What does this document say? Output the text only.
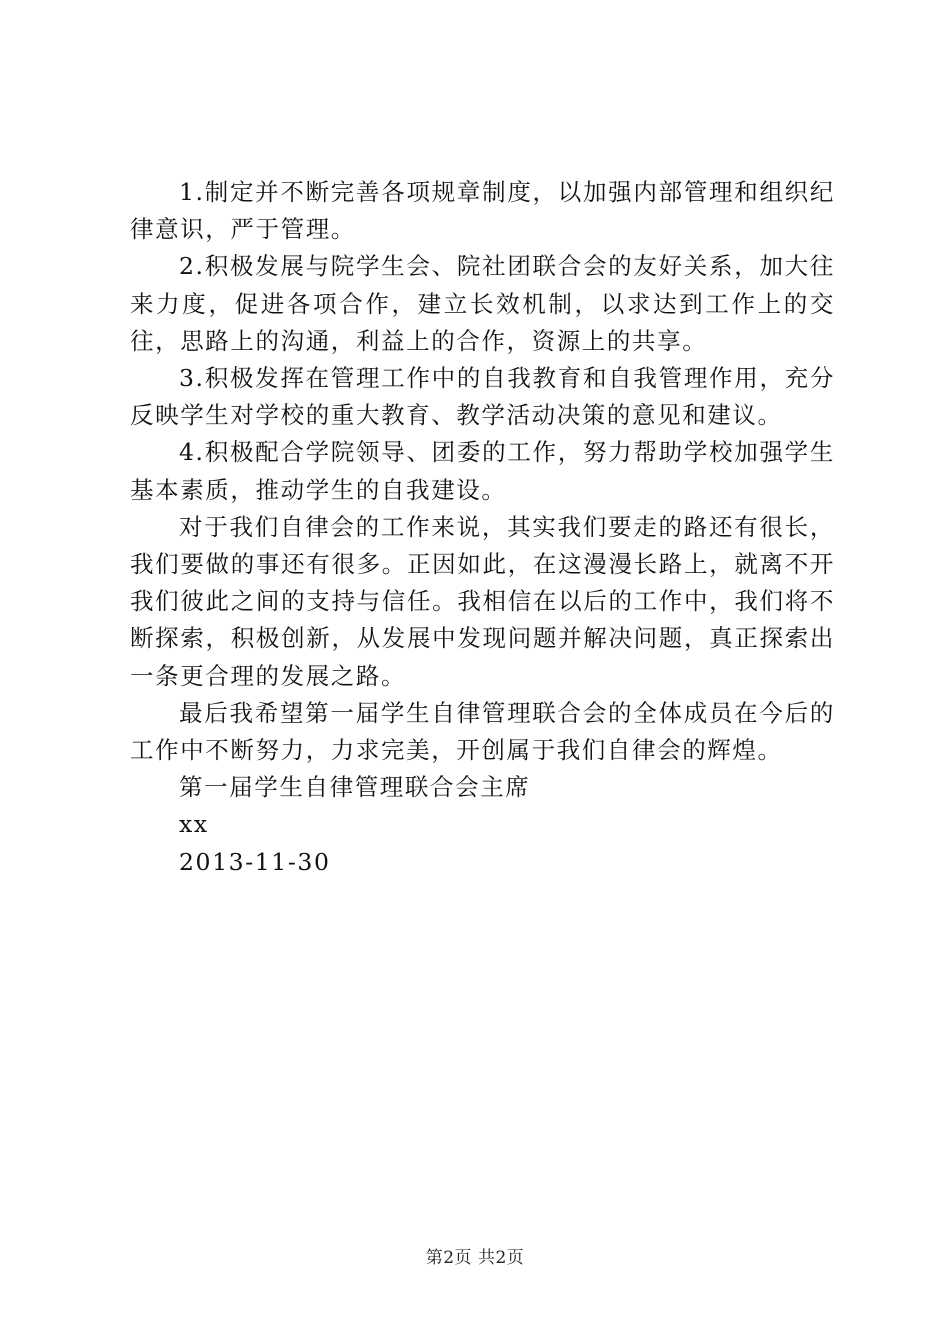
1.制定并不断完善各项规章制度，以加强内部管理和组织纪律意识，严于管理。

2.积极发展与院学生会、院社团联合会的友好关系，加大往来力度，促进各项合作，建立长效机制，以求达到工作上的交往，思路上的沟通，利益上的合作，资源上的共享。

3.积极发挥在管理工作中的自我教育和自我管理作用，充分反映学生对学校的重大教育、教学活动决策的意见和建议。

4.积极配合学院领导、团委的工作，努力帮助学校加强学生基本素质，推动学生的自我建设。

对于我们自律会的工作来说，其实我们要走的路还有很长，我们要做的事还有很多。正因如此，在这漫漫长路上，就离不开我们彼此之间的支持与信任。我相信在以后的工作中，我们将不断探索，积极创新，从发展中发现问题并解决问题，真正探索出一条更合理的发展之路。

最后我希望第一届学生自律管理联合会的全体成员在今后的工作中不断努力，力求完美，开创属于我们自律会的辉煌。

第一届学生自律管理联合会主席

xx

2013-11-30

第2页 共2页
